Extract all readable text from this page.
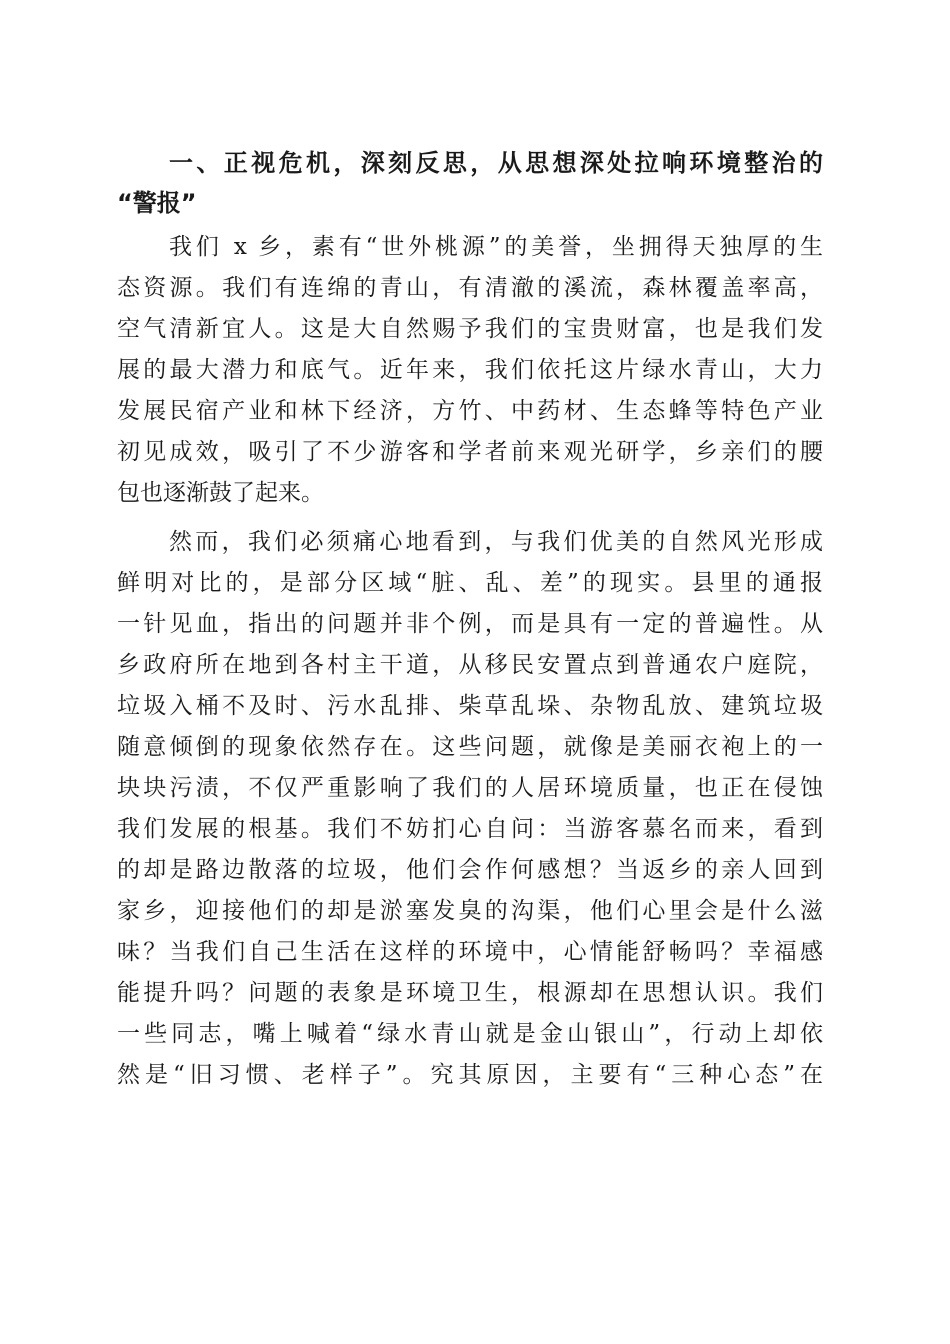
一、正视危机，深刻反思，从思想深处拉响环境整治的
“警报”
我们 x 乡，素有“世外桃源”的美誉，坐拥得天独厚的生
态资源。我们有连绵的青山，有清澈的溪流，森林覆盖率高，
空气清新宜人。这是大自然赐予我们的宝贵财富，也是我们发
展的最大潜力和底气。近年来，我们依托这片绿水青山，大力
发展民宿产业和林下经济，方竹、中药材、生态蜂等特色产业
初见成效，吸引了不少游客和学者前来观光研学，乡亲们的腰
包也逐渐鼓了起来。
然而，我们必须痛心地看到，与我们优美的自然风光形成
鲜明对比的，是部分区域“脏、乱、差”的现实。县里的通报
一针见血，指出的问题并非个例，而是具有一定的普遍性。从
乡政府所在地到各村主干道，从移民安置点到普通农户庭院，
垃圾入桶不及时、污水乱排、柴草乱垛、杂物乱放、建筑垃圾
随意倾倒的现象依然存在。这些问题，就像是美丽衣袍上的一
块块污渍，不仅严重影响了我们的人居环境质量，也正在侵蚀
我们发展的根基。我们不妨扪心自问：当游客慕名而来，看到
的却是路边散落的垃圾，他们会作何感想？当返乡的亲人回到
家乡，迎接他们的却是淤塞发臭的沟渠，他们心里会是什么滋
味？当我们自己生活在这样的环境中，心情能舒畅吗？幸福感
能提升吗？问题的表象是环境卫生，根源却在思想认识。我们
一些同志，嘴上喊着“绿水青山就是金山银山”，行动上却依
然是“旧习惯、老样子”。究其原因，主要有“三种心态”在
